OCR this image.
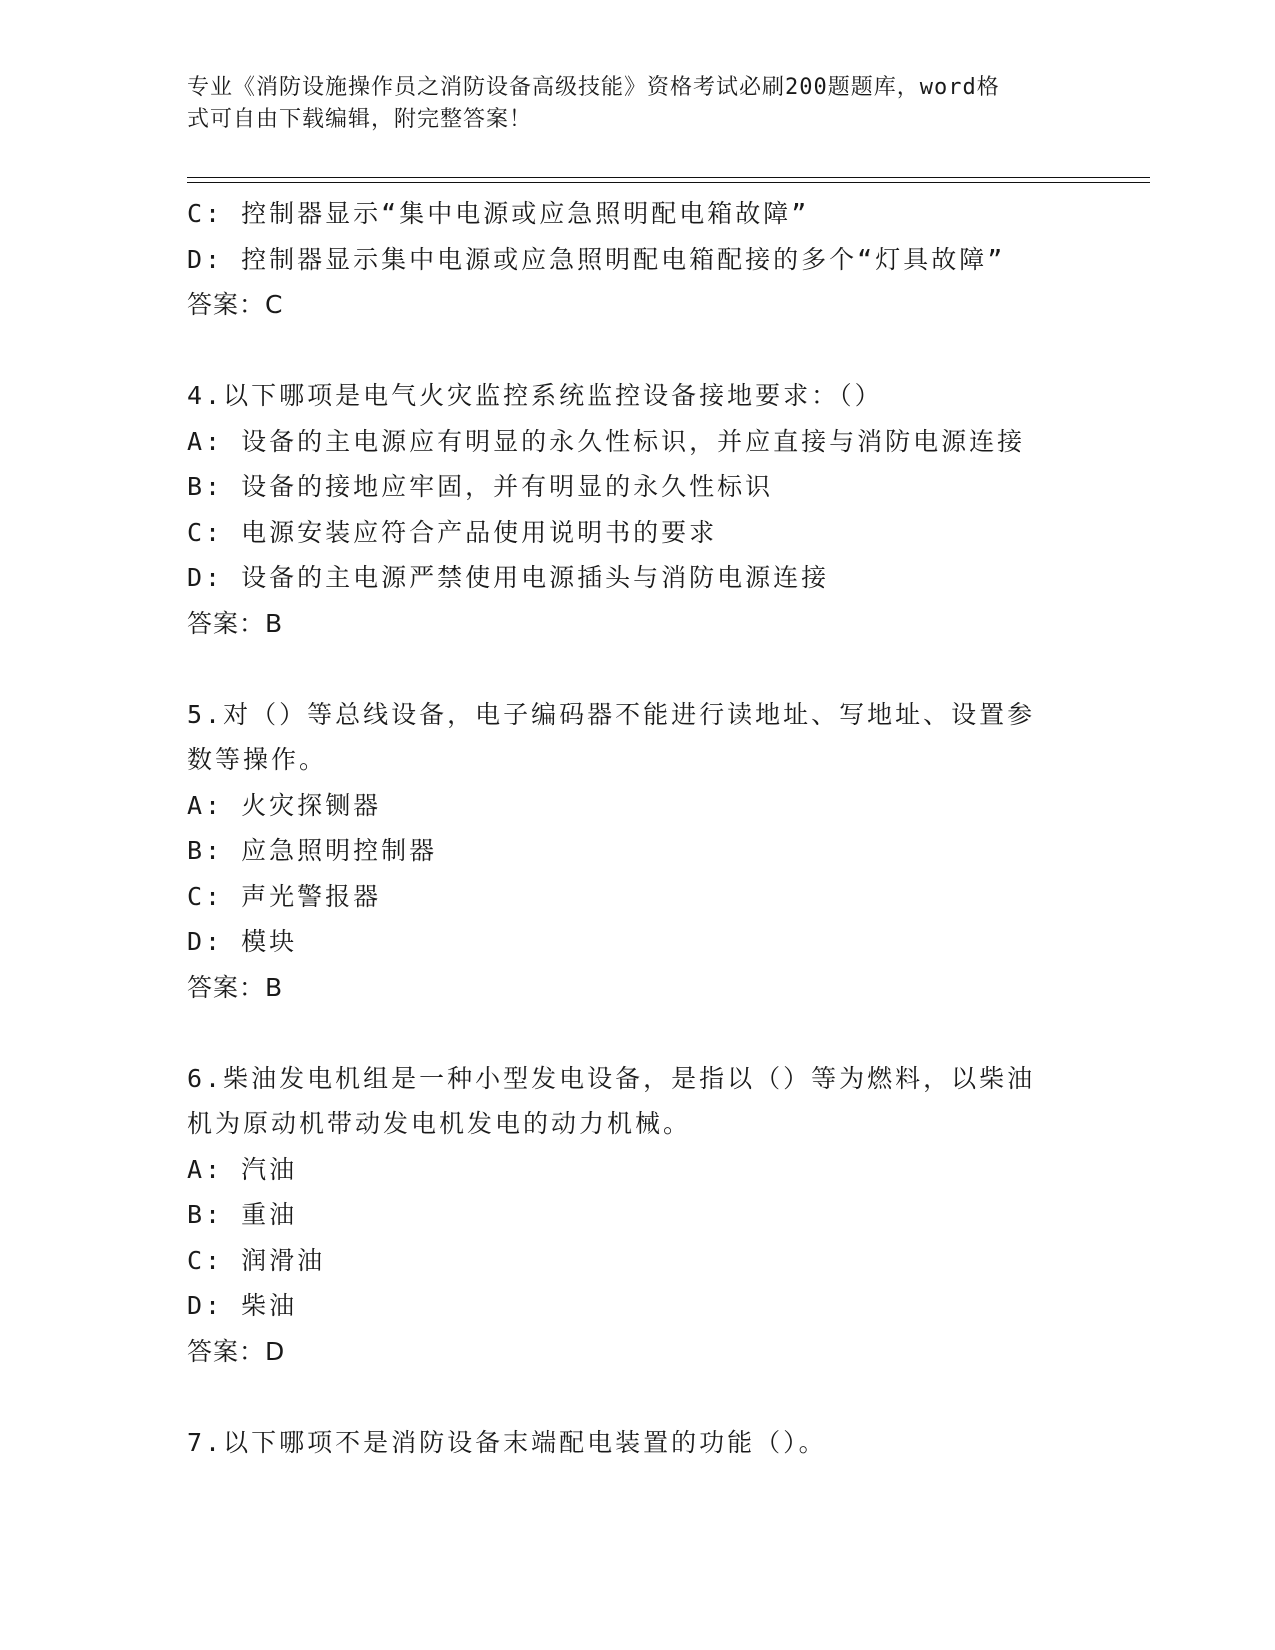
专业《消防设施操作员之消防设备高级技能》资格考试必刷200题题库，word格
式可自由下载编辑，附完整答案！
C: 控制器显示“集中电源或应急照明配电箱故障”
D: 控制器显示集中电源或应急照明配电箱配接的多个“灯具故障”
答案：C
4.以下哪项是电气火灾监控系统监控设备接地要求：（）
A: 设备的主电源应有明显的永久性标识，并应直接与消防电源连接
B: 设备的接地应牢固，并有明显的永久性标识
C: 电源安装应符合产品使用说明书的要求
D: 设备的主电源严禁使用电源插头与消防电源连接
答案：B
5.对（）等总线设备，电子编码器不能进行读地址、写地址、设置参
数等操作。
A: 火灾探铡器
B: 应急照明控制器
C: 声光警报器
D: 模块
答案：B
6.柴油发电机组是一种小型发电设备，是指以（）等为燃料，以柴油
机为原动机带动发电机发电的动力机械。
A: 汽油
B: 重油
C: 润滑油
D: 柴油
答案：D
7.以下哪项不是消防设备末端配电装置的功能（）。
